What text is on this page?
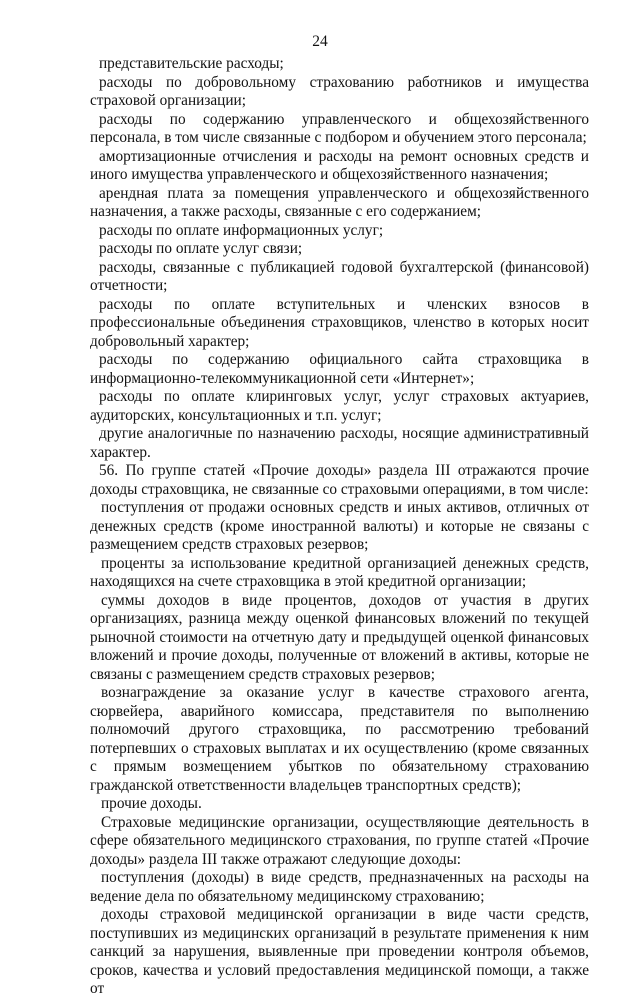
24

представительские расходы;

расходы по добровольному страхованию работников и имущества страховой организации;

расходы по содержанию управленческого и общехозяйственного персонала, в том числе связанные с подбором и обучением этого персонала;

амортизационные отчисления и расходы на ремонт основных средств и иного имущества управленческого и общехозяйственного назначения;

арендная плата за помещения управленческого и общехозяйственного назначения, а также расходы, связанные с его содержанием;

расходы по оплате информационных услуг;

расходы по оплате услуг связи;

расходы, связанные с публикацией годовой бухгалтерской (финансовой) отчетности;

расходы по оплате вступительных и членских взносов в профессиональные объединения страховщиков, членство в которых носит добровольный характер;

расходы по содержанию официального сайта страховщика в информационно-телекоммуникационной сети «Интернет»;

расходы по оплате клиринговых услуг, услуг страховых актуариев, аудиторских, консультационных и т.п. услуг;

другие аналогичные по назначению расходы, носящие административный характер.

56. По группе статей «Прочие доходы» раздела III отражаются прочие доходы страховщика, не связанные со страховыми операциями, в том числе:

поступления от продажи основных средств и иных активов, отличных от денежных средств (кроме иностранной валюты) и которые не связаны с размещением средств страховых резервов;

проценты за использование кредитной организацией денежных средств, находящихся на счете страховщика в этой кредитной организации;

суммы доходов в виде процентов, доходов от участия в других организациях, разница между оценкой финансовых вложений по текущей рыночной стоимости на отчетную дату и предыдущей оценкой финансовых вложений и прочие доходы, полученные от вложений в активы, которые не связаны с размещением средств страховых резервов;

вознаграждение за оказание услуг в качестве страхового агента, сюрвейера, аварийного комиссара, представителя по выполнению полномочий другого страховщика, по рассмотрению требований потерпевших о страховых выплатах и их осуществлению (кроме связанных с прямым возмещением убытков по обязательному страхованию гражданской ответственности владельцев транспортных средств);

прочие доходы.

Страховые медицинские организации, осуществляющие деятельность в сфере обязательного медицинского страхования, по группе статей «Прочие доходы» раздела III также отражают следующие доходы:

поступления (доходы) в виде средств, предназначенных на расходы на ведение дела по обязательному медицинскому страхованию;

доходы страховой медицинской организации в виде части средств, поступивших из медицинских организаций в результате применения к ним санкций за нарушения, выявленные при проведении контроля объемов, сроков, качества и условий предоставления медицинской помощи, а также от
